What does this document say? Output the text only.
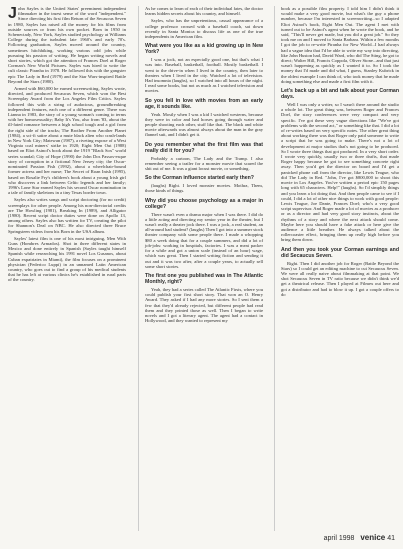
J ohn Sayles is the United States' preeminent independent filmmaker in the truest sense of the word "independent." Since directing his first film Return of the Secaucus Seven in 1980, Sayles has raised all the money for his films from outside sources or from his own pocket. Born in 1950 in Schenectady, New York, Sayles studied psychology at Williams College during the turbulent late 1960's and early 70's. Following graduation, Sayles moved around the country, sometimes hitchhiking, working various odd jobs while pursuing his passion of writing. He began writing novels and short stories, which got the attention of Frances Doel at Roger Corman's New World Pictures. Sayles was hired to write the cult classic Piranha in 1978. He followed this with the gangster epic The Lady in Red (1979) and the Star Wars-inspired Battle Beyond the Stars (1980).

Armed with $60,000 he earned screenwriting, Sayles wrote, directed, and produced Secaucus Seven, which won the Best Screenplay Award from the Los Angeles Film Critics. Sayles followed this with a string of audacious, groundbreaking independent features, each one of a different genre. There was Lianna in 1983, the story of a young woman's coming to terms with her homosexuality; Baby It's You, also from '83, about the ill-fated romance between a high school tough and a girl from the right side of the tracks; The Brother From Another Planet (1984), a sci-fi satire about a mute black alien who crash-lands in New York City; Matewan (1987), a riveting expose of a West Virginia coal miners' strike in 1920; Eight Men Out (1988) based on Eliot Asinof's book about the 1919 "Black Sox" world series scandal; City of Hope (1990) the John Dos Passos-esque story of corruption in a fictional New Jersey city; the Oscar-nominated Passion Fish (1992), about a wheelchair-bound former actress and her nurse; The Secret of Roan Inish (1995), based on Rosalie Fry's children's book about a young Irish girl who discovers a link between Celtic legends and her family; 1996's Lone Star earned Sayles his second Oscar nomination in a tale of family skeletons in a tiny Texas border town.

Sayles also writes songs and script doctoring (for no credit) screenplays for other people. Among his non-directorial credits are The Howling (1981), Breaking In (1989), and Alligator (1980). Recent script doctor duties were done on Apollo 13, among others. Sayles also has written for TV, creating the pilot for Shannon's Deal on NBC. He also directed three Bruce Springsteen videos from his Born in the USA album.

Sayles' latest film is one of his most intriguing, Men With Guns (Hombres Armados). Shot in three different states in Mexico and done entirely in Spanish (Sayles taught himself Spanish while researching his 1991 novel Los Gusanos, about Cuban expatriates in Miami), the film focuses on a prominent physician (Federico Luppi) in an unnamed Latin American country, who goes out to find a group of his medical students that he has left at various clinics he's established in rural parts of the country.

As he comes to learn of each of their individual fates, the doctor learns hidden secrets about his country, and himself.

Sayles, who has the unpretentious, casual appearance of a college professor crossed with a baseball coach, sat down recently in Santa Monica to discuss life as one of the true independents in American film.

What were you like as a kid growing up in New York?

I was a jock, not an especially good one, but that's what I was into. Baseball, basketball, football. Mostly basketball. I went to the drive-in when I lived in the country, then later to theaters when I lived in the city. Watched a lot of television. Had insomnia (laughs), so I watched into all hours of the night. I read some books, but not as much as I watched television and movies.

So you fell in love with movies from an early age, it sounds like.

Yeah. Mostly when I was a kid I watched westerns, because they were in color and had horses going through water and people shooting each other, stuff like that. The black and white movie afterwards was almost always about the man in the gray flannel suit, and I didn't get it.

Do you remember what the first film was that really did it for you?

Probably a cartoon, The Lady and the Tramp. I also remember seeing a trailer for a monster movie that scared the shit out of me. It was a giant locust movie, or something.

So the Corman influence started early then?

(laughs) Right. I loved monster movies. Mothra, Them, those kinds of things.

Why did you choose psychology as a major in college?

There wasn't even a drama major when I was there. I did do a little acting and directing my senior year in the theater, but I wasn't really a theater jock there. I was a jock, a real student, an all-around bad student? (laughs) Then I got into a summer stock theater company with some people there. I made a whopping $80 a week doing that for a couple summers, and did a lot of job-jobs: working in hospitals, factories. I was a meat packer for a while and got a union scale (instead of an hour) wage, which was great. Then I started writing fiction and sending it out and it was two after, after a couple years, to actually sell some short stories.

The first one you published was in The Atlantic Monthly, right?

Yeah, they had a series called The Atlantic Firsts, where you could publish your first short story. That won an O. Henry Award. They asked if I had any more stories. So I sent them a few that they'd already rejected, but different people had read them and they printed those as well. Then I began to write novels and I got a literary agent. The agent had a contact in Hollywood, and they wanted to represent my

book as a possible film property. I told him I didn't think it would make a very good movie, but what's the guy a phone number, because I'm interested in screenwriting...so I adapted Eliot Asinof's book, Eight Men Out. The agent I met with turned out to be Asinof's agent when he wrote the book, and he said, "This'll never get made, but you did a great job." So they took me on and I moved to Santa Barbara. Within a few months I got the job to re-write Piranha for New World...I had always had a vague idea that I'd be able to write my way into directing, like John Huston had, David Ward, who did The Sting, he got to direct; Walter Hill, Francis Coppola, Oliver Stone...and that just wasn't happening as quickly as I wanted it to. So I took the money that I'd made and did what, I guess, Stanley Kubrick in the oldest example I can think of, who took money that he made doing something else and made a first film with it.

Let's back up a bit and talk about your Corman days.

Well I was only a writer, so I wasn't there around the studio a whole lot. The great thing was, between Roger and Frances Doel, the story conferences were very compact and very specific. I've got these very vague directions like "We've got problems with the second act," or something like that. I did a lot of re-writes based on very specific notes. The other great thing about working there was that Roger only paid someone to write a script that he was going to make. There's not a lot of development at major studios that's not going to be produced. So I wrote three things that got produced. In a very short order. I wrote very quickly, usually two or three drafts, that made Roger happy because he got to see something concrete right away. Then you'd get the director on board and I'd get a panicked phone call from the director, like Lewis Teague, who did The Lady in Red. "John, I've got $800,000 to shoot this movie in Los Angeles. You've written a period epic 150 pages long with 65 characters. Help!" (laughs). So I'd simplify things and you learn a lot doing that. And then people came to see if I could, I did a lot of other nice things to work with good people: Lewis Teague, Joe Dante, Frances Doel; who's a very good script supervisor. And Roger made a lot of movies as a producer or as a director and had very good story instincts, about the rhythms of a story and where the next attack should come. Maybe here you should have a fake attack or here give the audience a little breather. He always talked about the rollercoaster effect, bringing them up really high before you bring them down.

And then you took your Corman earnings and did Secaucus Seven.

Right. Then I did another job for Roger (Battle Beyond the Stars) so I could get an editing machine to cut Secaucus Seven. We were all really naive about filmmaking at that point. We shot Secaucus Seven in TV ratio because we didn't think we'd get a theatrical release. Then I played at Filmex out here and got a distributor and had to blow it up. I got a couple offers to do

april 1998 venice 41
